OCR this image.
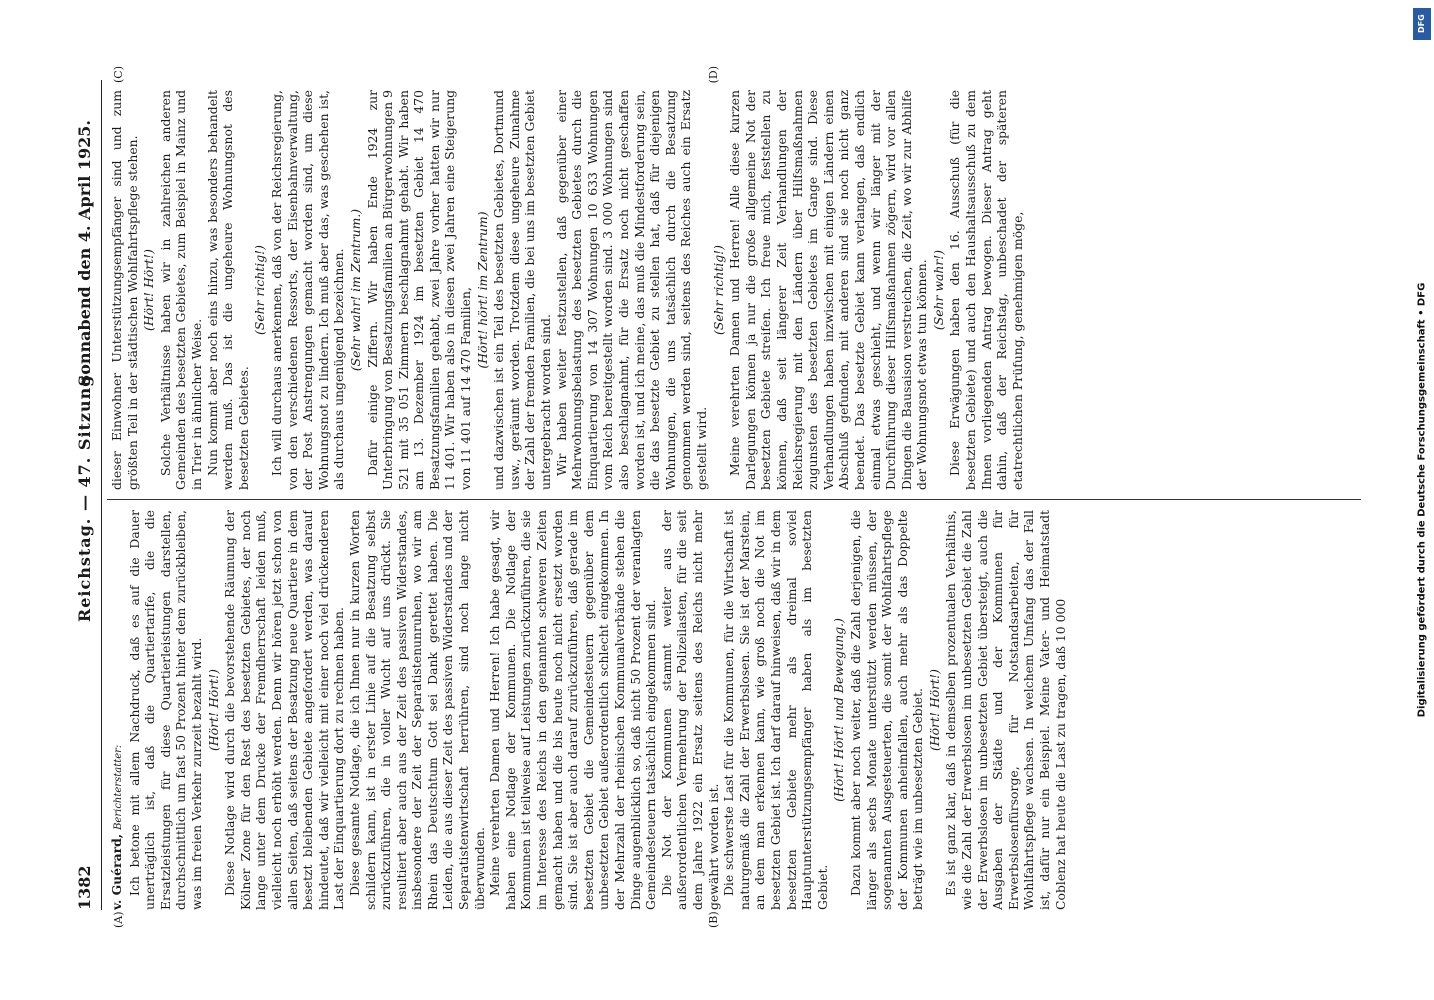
1382
Reichstag. — 47. Sitzung.
Sonnabend den 4. April 1925.
(A)	(B)
(C)	(D)

v. Guérard, Berichterstatter: Ich betone mit allem Nachdruck, daß es auf die Dauer unerträglich ist, daß die Quartiertarife, die die Ersatzleistungen für diese Quartierleistungen darstellen, durchschnittlich um fast 50 Prozent hinter dem zurückbleiben, was im freien Verkehr zurzeit bezahlt wird. (Hört! Hört!) Diese Notlage wird durch die bevorstehende Räumung der Kölner Zone für den Rest des besetzten Gebietes, der noch lange unter dem Drucke der Fremdherrschaft leiden muß, vielleicht noch erhöht werden. Denn wir hören jetzt schon von allen Seiten, daß seitens der Besatzung neue Quartiere in dem besetzt bleibenden Gebiete angefordert werden, was darauf hindeutet, daß wir vielleicht mit einer noch viel drückenderen Last der Einquartierung dort zu rechnen haben. Diese gesamte Notlage, die ich Ihnen nur in kurzen Worten schildern kann, ist in erster Linie auf die Besatzung selbst zurückzuführen, die in voller Wucht auf uns drückt. Sie resultiert aber auch aus der Zeit des passiven Widerstandes, insbesondere der Zeit der Separatistenunruhen, wo wir am Rhein das Deutschtum Gott sei Dank gerettet haben. Die Leiden, die aus dieser Zeit des passiven Widerstandes und der Separatistenwirtschaft herrühren, sind noch lange nicht überwunden. Meine verehrten Damen und Herren! Ich habe gesagt, wir haben eine Notlage der Kommunen. Die Notlage der Kommunen ist teilweise auf Leistungen zurückzuführen, die sie im Interesse des Reichs in den genannten schweren Zeiten gemacht haben und die bis heute noch nicht ersetzt worden sind. Sie ist aber auch darauf zurückzuführen, daß gerade im besetzten Gebiet die Gemeindesteuern gegenüber dem unbesetzten Gebiet außerordentlich schlecht eingekommen. In der Mehrzahl der rheinischen Kommunalverbände stehen die Dinge augenblicklich so, daß nicht 50 Prozent der veranlagten Gemeindesteuern tatsächlich eingekommen sind. Die Not der Kommunen stammt weiter aus der außerordentlichen Vermehrung der Polizeilasten, für die seit dem Jahre 1922 ein Ersatz seitens des Reichs nicht mehr gewährt worden ist. Die schwerste Last für die Kommunen, für die Wirtschaft ist naturgemäß die Zahl der Erwerbslosen. Sie ist der Marstein, an dem man erkennen kann, wie groß noch die Not im besetzten Gebiet ist. Ich darf darauf hinweisen, daß wir in dem besetzten Gebiete mehr als dreimal soviel Hauptunterstützungsempfänger haben als im besetzten Gebiet.

(Hört! Hört! und Bewegung.) Dazu kommt aber noch weiter, daß die Zahl derjenigen, die länger als sechs Monate unterstützt werden müssen, der sogenannten Ausgesteuerten, die somit der Wohlfahrtspflege der Kommunen anheimfallen, auch mehr als das Doppelte beträgt wie im unbesetzten Gebiet. (Hört! Hört!) Es ist ganz klar, daß in demselben prozentualen Verhältnis, wie die Zahl der Erwerbslosen im unbesetzten Gebiet die Zahl der Erwerbslosen im unbesetzten Gebiet übersteigt, auch die Ausgaben der Städte und der Kommunen für Erwerbslosenfürsorge, für Notstandsarbeiten, für Wohlfahrtspflege wachsen. In welchem Umfang das der Fall ist, dafür nur ein Beispiel. Meine Vater- und Heimatstadt Coblenz hat heute die Last zu tragen, daß 10 000

dieser Einwohner Unterstützungsempfänger sind und zum größten Teil in der städtischen Wohlfahrtspflege stehen. (Hört! Hört!) Solche Verhältnisse haben wir in zahlreichen anderen Gemeinden des besetzten Gebietes, zum Beispiel in Mainz und in Trier in ähnlicher Weise. Nun kommt aber noch eins hinzu, was besonders behandelt werden muß. Das ist die ungeheure Wohnungsnot des besetzten Gebietes.

(Sehr richtig!) Ich will durchaus anerkennen, daß von der Reichsregierung, von den verschiedenen Ressorts, der Eisenbahnverwaltung, der Post Anstrengungen gemacht worden sind, um diese Wohnungsnot zu lindern. Ich muß aber das, was geschehen ist, als durchaus ungenügend bezeichnen. (Sehr wahr! im Zentrum.) Dafür einige Ziffern. Wir haben Ende 1924 zur Unterbringung von Besatzungsfamilien an Bürgerwohnungen 9 521 mit 35 051 Zimmern beschlagnahmt gehabt. Wir haben am 13. Dezember 1924 im besetzten Gebiet 14 470 Besatzungsfamilien gehabt, zwei Jahre vorher hatten wir nur 11 401. Wir haben also in diesen zwei Jahren eine Steigerung von 11 401 auf 14 470 Familien, (Hört! hört! im Zentrum) und dazwischen ist ein Teil des besetzten Gebietes, Dortmund usw., geräumt worden. Trotzdem diese ungeheure Zunahme der Zahl der fremden Familien, die bei uns im besetzten Gebiet untergebracht worden sind. Wir haben weiter festzustellen, daß gegenüber einer Mehrwohnungsbelastung des besetzten Gebietes durch die Einquartierung von 14 307 Wohnungen 10 633 Wohnungen vom Reich bereitgestellt worden sind. 3 000 Wohnungen sind also beschlagnahmt, für die Ersatz noch nicht geschaffen worden ist, und ich meine, das muß die Mindestforderung sein, die das besetzte Gebiet zu stellen hat, daß für diejenigen Wohnungen, die uns tatsächlich durch die Besatzung genommen werden sind, seitens des Reiches auch ein Ersatz gestellt wird.

(Sehr richtig!) Meine verehrten Damen und Herren! Alle diese kurzen Darlegungen können ja nur die große allgemeine Not der besetzten Gebiete streifen. Ich freue mich, feststellen zu können, daß seit längerer Zeit Verhandlungen der Reichsregierung mit den Ländern über Hilfsmaßnahmen zugunsten des besetzten Gebietes im Gange sind. Diese Verhandlungen haben inzwischen mit einigen Ländern einen Abschluß gefunden, mit anderen sind sie noch nicht ganz beendet. Das besetzte Gebiet kann verlangen, daß endlich einmal etwas geschieht, und wenn wir länger mit der Durchführung dieser Hilfsmaßnahmen zögern, wird vor allen Dingen die Bausaison verstreichen, die Zeit, wo wir zur Abhilfe der Wohnungsnot etwas tun können. (Sehr wahr!) Diese Erwägungen haben den 16. Ausschuß (für die besetzten Gebiete) und auch den Haushaltsausschuß zu dem Ihnen vorliegenden Antrag bewogen. Dieser Antrag geht dahin, daß der Reichstag, unbeschadet der späteren etatrechtlichen Prüfung, genehmigen möge,

DFG
Digitalisierung gefördert durch die Deutsche Forschungsgemeinschaft • DFG
